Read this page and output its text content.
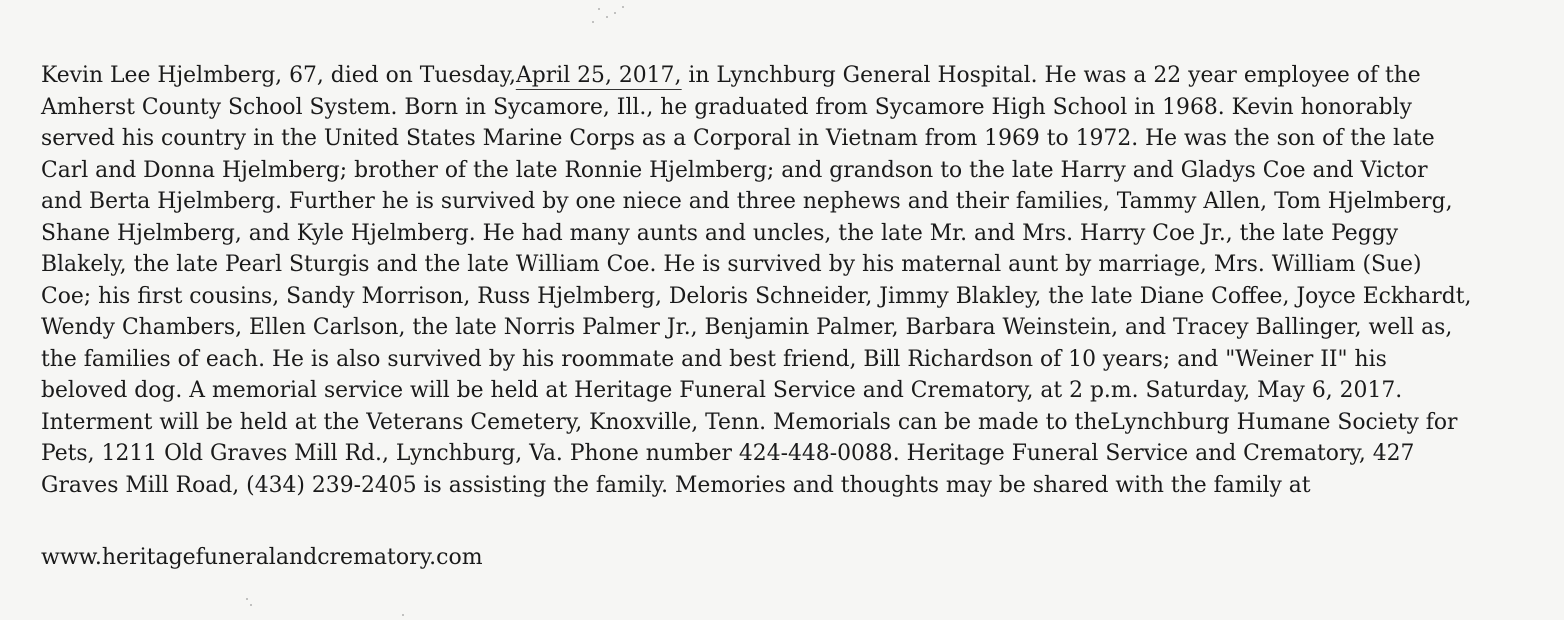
Kevin Lee Hjelmberg, 67, died on Tuesday,April 25, 2017, in Lynchburg General Hospital. He was a 22 year employee of the
Amherst County School System. Born in Sycamore, Ill., he graduated from Sycamore High School in 1968. Kevin honorably
served his country in the United States Marine Corps as a Corporal in Vietnam from 1969 to 1972. He was the son of the late
Carl and Donna Hjelmberg; brother of the late Ronnie Hjelmberg; and grandson to the late Harry and Gladys Coe and Victor
and Berta Hjelmberg. Further he is survived by one niece and three nephews and their families, Tammy Allen, Tom Hjelmberg,
Shane Hjelmberg, and Kyle Hjelmberg. He had many aunts and uncles, the late Mr. and Mrs. Harry Coe Jr., the late Peggy
Blakely, the late Pearl Sturgis and the late William Coe. He is survived by his maternal aunt by marriage, Mrs. William (Sue)
Coe; his first cousins, Sandy Morrison, Russ Hjelmberg, Deloris Schneider, Jimmy Blakley, the late Diane Coffee, Joyce Eckhardt,
Wendy Chambers, Ellen Carlson, the late Norris Palmer Jr., Benjamin Palmer, Barbara Weinstein, and Tracey Ballinger, well as,
the families of each. He is also survived by his roommate and best friend, Bill Richardson of 10 years; and "Weiner II" his
beloved dog. A memorial service will be held at Heritage Funeral Service and Crematory, at 2 p.m. Saturday, May 6, 2017.
Interment will be held at the Veterans Cemetery, Knoxville, Tenn. Memorials can be made to theLynchburg Humane Society for
Pets, 1211 Old Graves Mill Rd., Lynchburg, Va. Phone number 424-448-0088. Heritage Funeral Service and Crematory, 427
Graves Mill Road, (434) 239-2405 is assisting the family. Memories and thoughts may be shared with the family at
www.heritagefuneralandcrematory.com
